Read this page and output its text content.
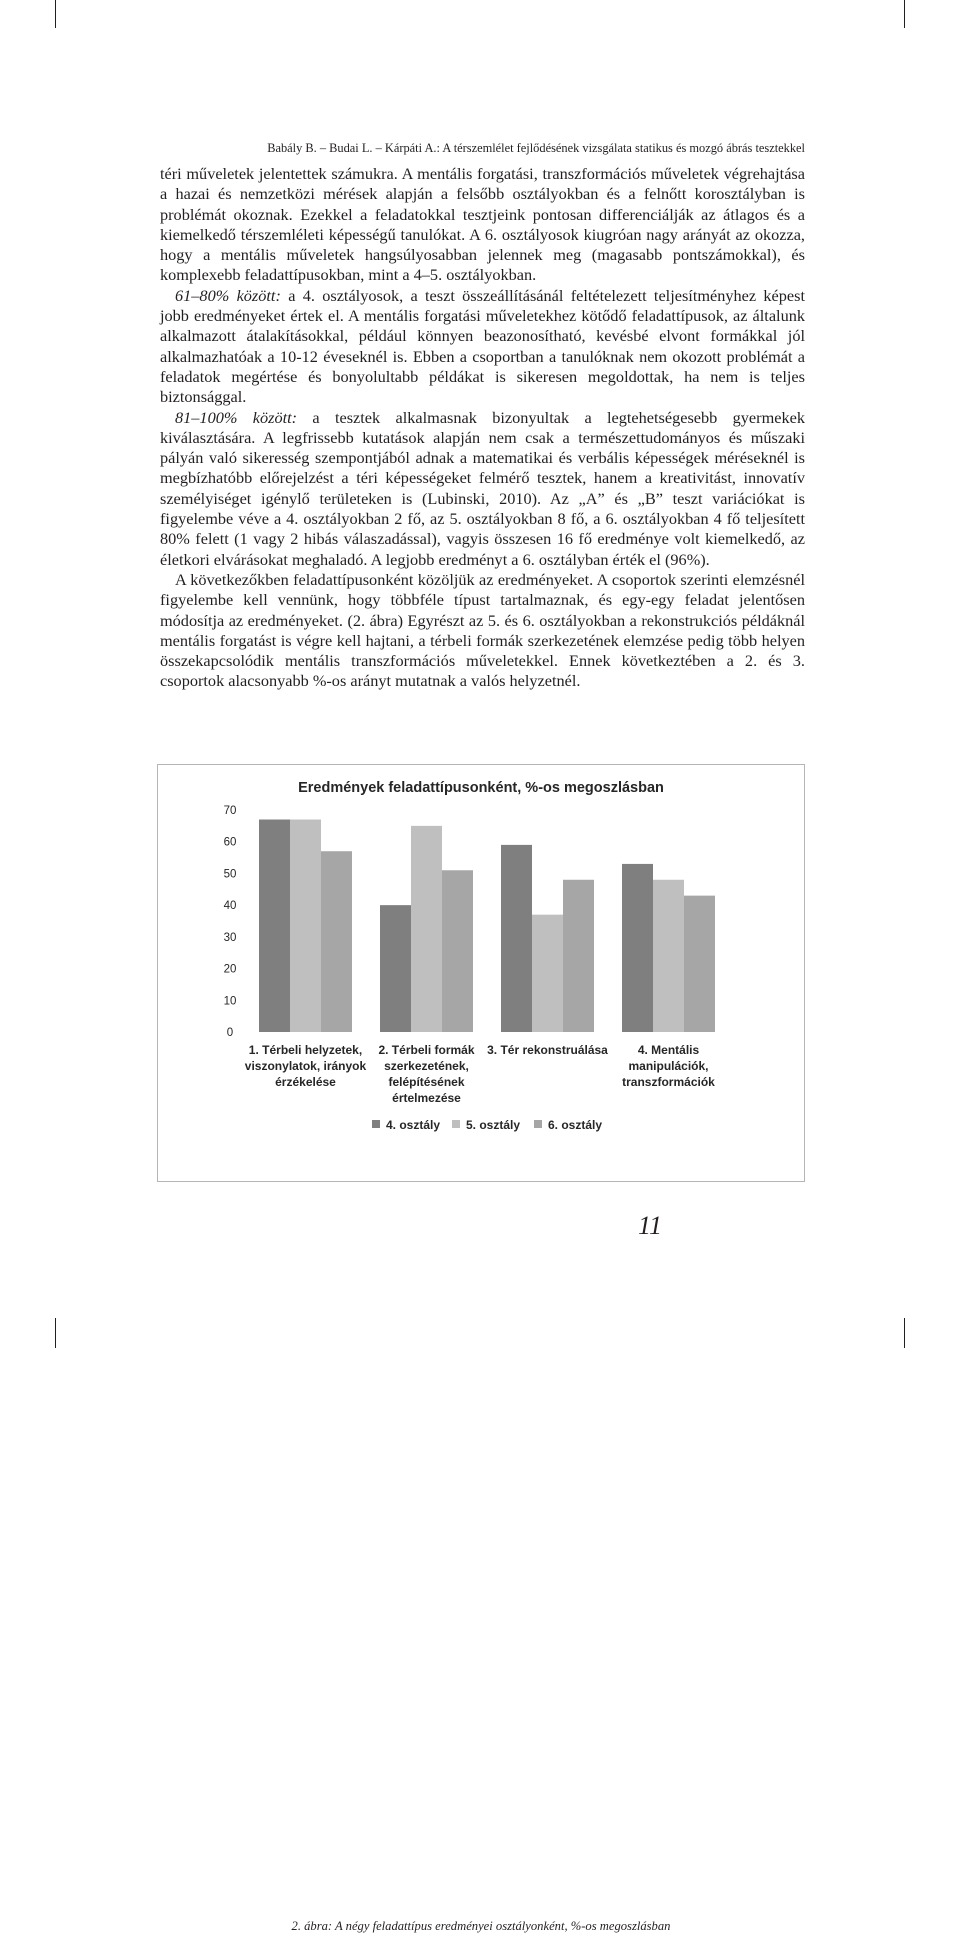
Babály B. – Budai L. – Kárpáti A.: A térszemlélet fejlődésének vizsgálata statikus és mozgó ábrás tesztekkel

téri műveletek jelentettek számukra. A mentális forgatási, transzformációs műveletek végrehajtása a hazai és nemzetközi mérések alapján a felsőbb osztályokban és a felnőtt korosztályban is problémát okoznak. Ezekkel a feladatokkal tesztjeink pontosan differenciálják az átlagos és a kiemelkedő térszemléleti képességű tanulókat. A 6. osztályosok kiugróan nagy arányát az okozza, hogy a mentális műveletek hangsúlyosabban jelennek meg (magasabb pontszámokkal), és komplexebb feladattípusokban, mint a 4–5. osztályokban.

61–80% között: a 4. osztályosok, a teszt összeállításánál feltételezett teljesítményhez képest jobb eredményeket értek el. A mentális forgatási műveletekhez kötődő feladattípusok, az általunk alkalmazott átalakításokkal, például könnyen beazonosítható, kevésbé elvont formákkal jól alkalmazhatóak a 10-12 éveseknél is. Ebben a csoportban a tanulóknak nem okozott problémát a feladatok megértése és bonyolultabb példákat is sikeresen megoldottak, ha nem is teljes biztonsággal.

81–100% között: a tesztek alkalmasnak bizonyultak a legtehetségesebb gyermekek kiválasztására. A legfrissebb kutatások alapján nem csak a természettudományos és műszaki pályán való sikeresség szempontjából adnak a matematikai és verbális képességek méréseknél is megbízhatóbb előrejelzést a téri képességeket felmérő tesztek, hanem a kreativitást, innovatív személyiséget igénylő területeken is (Lubinski, 2010). Az „A” és „B” teszt variációkat is figyelembe véve a 4. osztályokban 2 fő, az 5. osztályokban 8 fő, a 6. osztályokban 4 fő teljesített 80% felett (1 vagy 2 hibás válaszadással), vagyis összesen 16 fő eredménye volt kiemelkedő, az életkori elvárásokat meghaladó. A legjobb eredményt a 6. osztályban érték el (96%).

A következőkben feladattípusonként közöljük az eredményeket. A csoportok szerinti elemzésnél figyelembe kell vennünk, hogy többféle típust tartalmaznak, és egy-egy feladat jelentősen módosítja az eredményeket. (2. ábra) Egyrészt az 5. és 6. osztályokban a rekonstrukciós példáknál mentális forgatást is végre kell hajtani, a térbeli formák szerkezetének elemzése pedig több helyen összekapcsolódik mentális transzformációs műveletekkel. Ennek következtében a 2. és 3. csoportok alacsonyabb %-os arányt mutatnak a valós helyzetnél.

Eredmények feladattípusonként, %-os megoszlásban
0
10
20
30
40
50
60
70
1. Térbeli helyzetek, viszonylatok, irányok érzékelése
2. Térbeli formák szerkezetének, felépítésének értelmezése
3. Tér rekonstruálása	4. Mentális manipulációk, transzformációk
4. osztály 5. osztály 6. osztály
2. ábra: A négy feladattípus eredményei osztályonként, %-os megoszlásban
11
